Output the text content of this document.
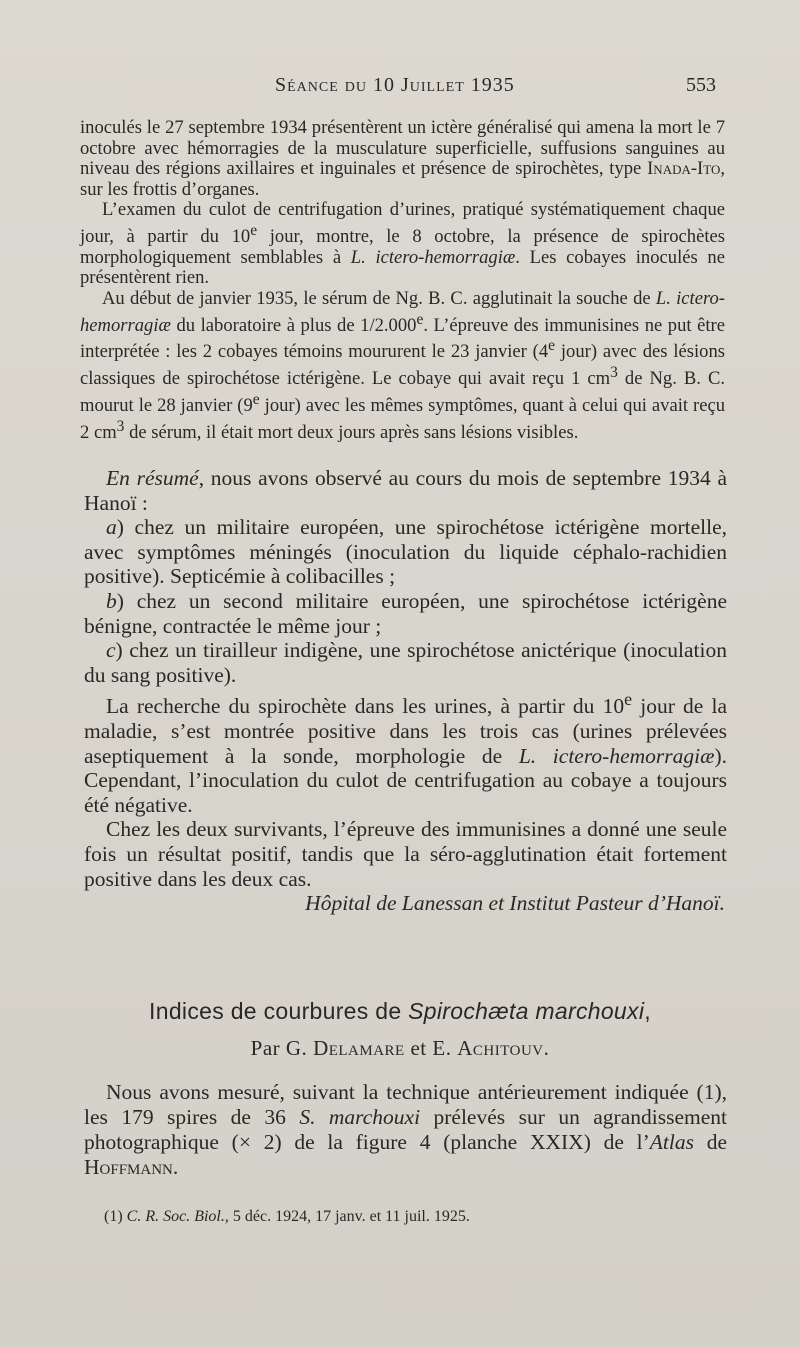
Séance du 10 Juillet 1935	553

inoculés le 27 septembre 1934 présentèrent un ictère généralisé qui amena la mort le 7 octobre avec hémorragies de la musculature superficielle, suffusions sanguines au niveau des régions axillaires et inguinales et présence de spirochètes, type Inada-Ito, sur les frottis d’organes.

L’examen du culot de centrifugation d’urines, pratiqué systématiquement chaque jour, à partir du 10e jour, montre, le 8 octobre, la présence de spirochètes morphologiquement semblables à L. ictero-hemorragiæ. Les cobayes inoculés ne présentèrent rien.

Au début de janvier 1935, le sérum de Ng. B. C. agglutinait la souche de L. ictero-hemorragiæ du laboratoire à plus de 1/2.000e. L’épreuve des immunisines ne put être interprétée : les 2 cobayes témoins moururent le 23 janvier (4e jour) avec des lésions classiques de spirochétose ictérigène. Le cobaye qui avait reçu 1 $cm^3$ de Ng. B. C. mourut le 28 janvier (9e jour) avec les mêmes symptômes, quant à celui qui avait reçu 2 $cm^3$ de sérum, il était mort deux jours après sans lésions visibles.

En résumé, nous avons observé au cours du mois de septembre 1934 à Hanoï :

a) chez un militaire européen, une spirochétose ictérigène mortelle, avec symptômes méningés (inoculation du liquide céphalo-rachidien positive). Septicémie à colibacilles ;

b) chez un second militaire européen, une spirochétose ictérigène bénigne, contractée le même jour ;

c) chez un tirailleur indigène, une spirochétose anictérique (inoculation du sang positive).

La recherche du spirochète dans les urines, à partir du 10e jour de la maladie, s’est montrée positive dans les trois cas (urines prélevées aseptiquement à la sonde, morphologie de L. ictero-hemorragiæ). Cependant, l’inoculation du culot de centrifugation au cobaye a toujours été négative.

Chez les deux survivants, l’épreuve des immunisines a donné une seule fois un résultat positif, tandis que la séro-agglutination était fortement positive dans les deux cas.

Hôpital de Lanessan et Institut Pasteur d’Hanoï.

Indices de courbures de Spirochæta marchouxi,
Par G. Delamare et E. Achitouv.

Nous avons mesuré, suivant la technique antérieurement indiquée (1), les 179 spires de 36 S. marchouxi prélevés sur un agrandissement photographique (× 2) de la figure 4 (planche XXIX) de l’Atlas de Hoffmann.

(1) C. R. Soc. Biol., 5 déc. 1924, 17 janv. et 11 juil. 1925.
